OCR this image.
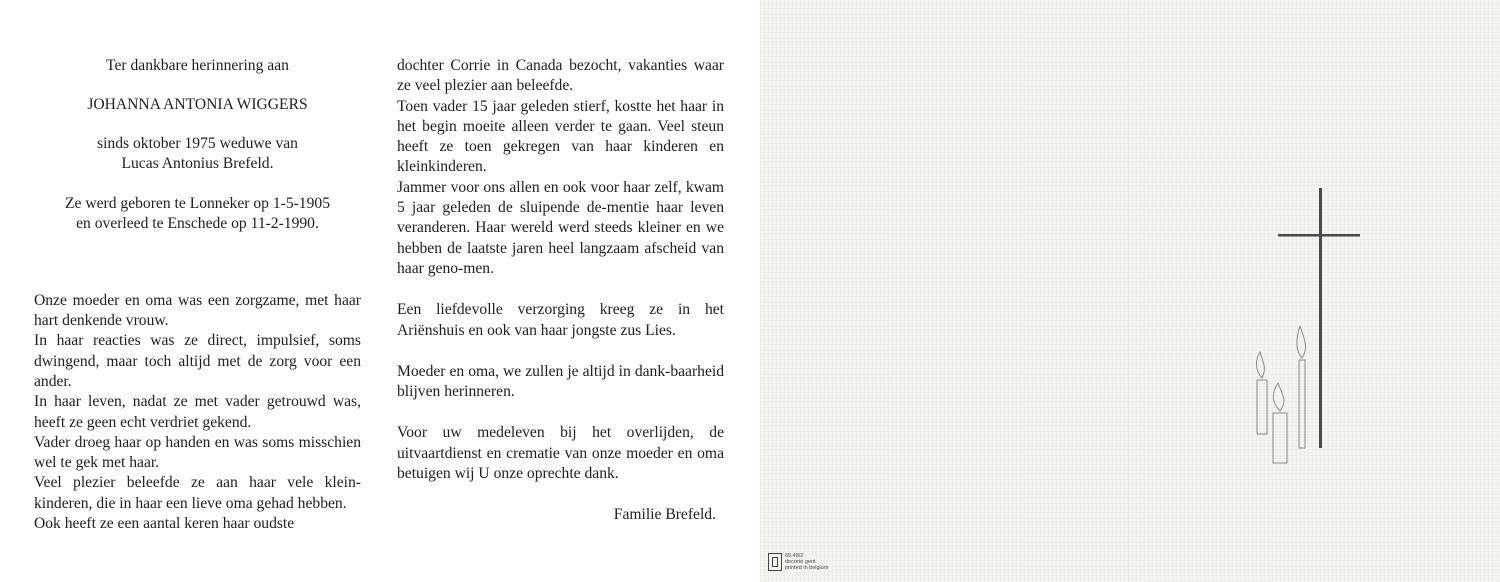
Ter dankbare herinnering aan

JOHANNA ANTONIA WIGGERS

sinds oktober 1975 weduwe van

Lucas Antonius Brefeld.

Ze werd geboren te Lonneker op 1-5-1905

en overleed te Enschede op 11-2-1990.

Onze moeder en oma was een zorgzame, met haar hart denkende vrouw.

In haar reacties was ze direct, impulsief, soms dwingend, maar toch altijd met de zorg voor een ander.

In haar leven, nadat ze met vader getrouwd was, heeft ze geen echt verdriet gekend.

Vader droeg haar op handen en was soms misschien wel te gek met haar.

Veel plezier beleefde ze aan haar vele klein-kinderen, die in haar een lieve oma gehad hebben.

Ook heeft ze een aantal keren haar oudste

dochter Corrie in Canada bezocht, vakanties waar ze veel plezier aan beleefde.

Toen vader 15 jaar geleden stierf, kostte het haar in het begin moeite alleen verder te gaan. Veel steun heeft ze toen gekregen van haar kinderen en kleinkinderen.

Jammer voor ons allen en ook voor haar zelf, kwam 5 jaar geleden de sluipende de-mentie haar leven veranderen. Haar wereld werd steeds kleiner en we hebben de laatste jaren heel langzaam afscheid van haar geno-men.

Een liefdevolle verzorging kreeg ze in het Ariënshuis en ook van haar jongste zus Lies.

Moeder en oma, we zullen je altijd in dank-baarheid blijven herinneren.

Voor uw medeleven bij het overlijden, de uitvaartdienst en crematie van onze moeder en oma betuigen wij U onze oprechte dank.

Familie Brefeld.

60.48/2
decorte gent
printed in belgium
